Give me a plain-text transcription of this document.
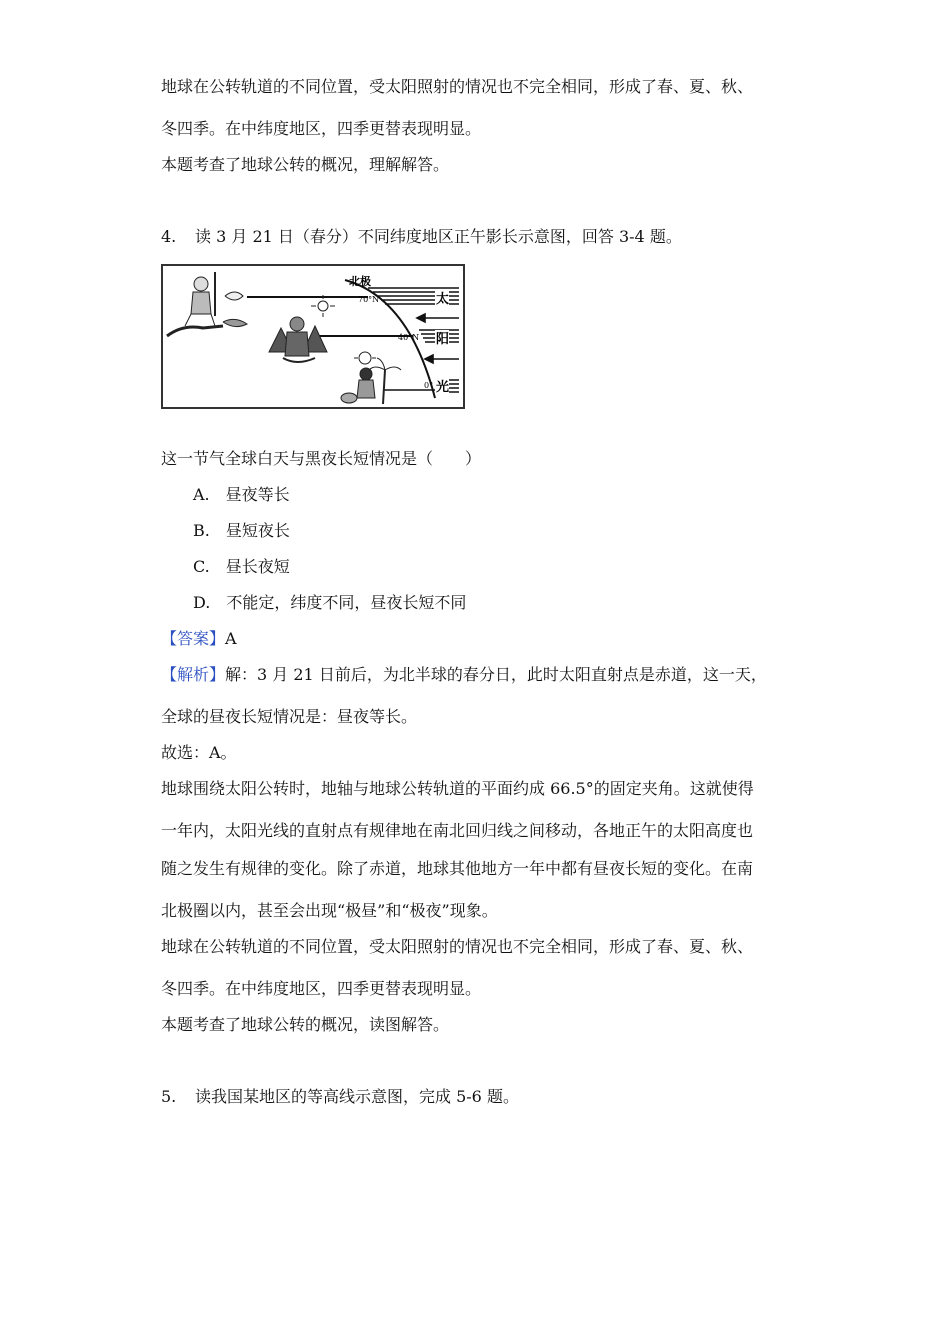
地球在公转轨道的不同位置，受太阳照射的情况也不完全相同，形成了春、夏、秋、
冬四季。在中纬度地区，四季更替表现明显。
本题考查了地球公转的概况，理解解答。
4. 读 3 月 21 日（春分）不同纬度地区正午影长示意图，回答 3-4 题。
北极
70°N
40°N
0°
太
阳
光
这一节气全球白天与黑夜长短情况是（　　）
A.　昼夜等长
B.　昼短夜长
C.　昼长夜短
D.　不能定，纬度不同，昼夜长短不同
【答案】A
【解析】解：3 月 21 日前后，为北半球的春分日，此时太阳直射点是赤道，这一天，
全球的昼夜长短情况是：昼夜等长。
故选：A。
地球围绕太阳公转时，地轴与地球公转轨道的平面约成 66.5°的固定夹角。这就使得
一年内，太阳光线的直射点有规律地在南北回归线之间移动，各地正午的太阳高度也
随之发生有规律的变化。除了赤道，地球其他地方一年中都有昼夜长短的变化。在南
北极圈以内，甚至会出现“极昼”和“极夜”现象。
地球在公转轨道的不同位置，受太阳照射的情况也不完全相同，形成了春、夏、秋、
冬四季。在中纬度地区，四季更替表现明显。
本题考查了地球公转的概况，读图解答。
5. 读我国某地区的等高线示意图，完成 5-6 题。
